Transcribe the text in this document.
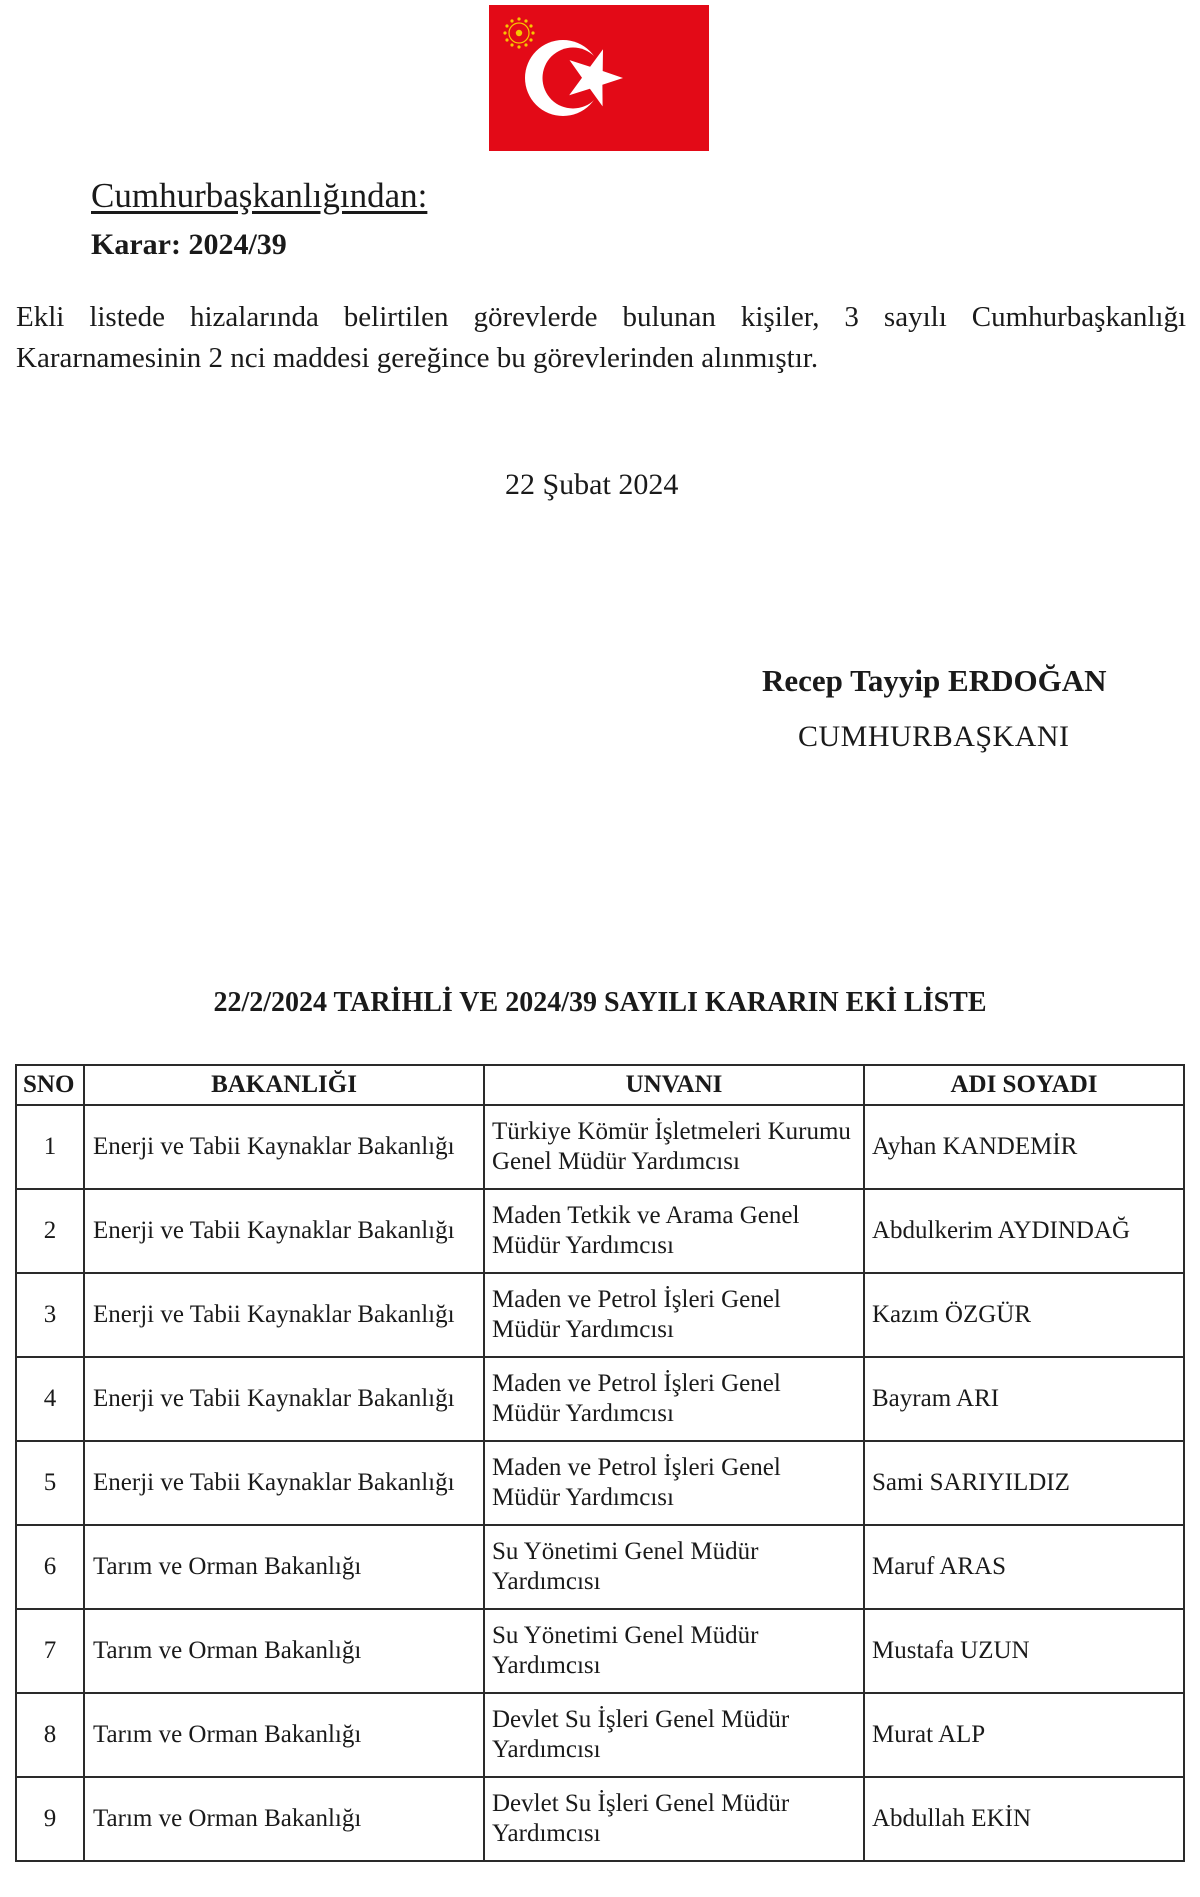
Cumhurbaşkanlığından:
Karar: 2024/39
Ekli listede hizalarında belirtilen görevlerde bulunan kişiler, 3 sayılı Cumhurbaşkanlığı Kararnamesinin 2 nci maddesi gereğince bu görevlerinden alınmıştır.
22 Şubat 2024
Recep Tayyip ERDOĞAN
CUMHURBAŞKANI
22/2/2024 TARİHLİ VE 2024/39 SAYILI KARARIN EKİ LİSTE
SNO	BAKANLIĞI	UNVANI	ADI SOYADI
1	Enerji ve Tabii Kaynaklar Bakanlığı	Türkiye Kömür İşletmeleri Kurumu Genel Müdür Yardımcısı	Ayhan KANDEMİR
2	Enerji ve Tabii Kaynaklar Bakanlığı	Maden Tetkik ve Arama Genel Müdür Yardımcısı	Abdulkerim AYDINDAĞ
3	Enerji ve Tabii Kaynaklar Bakanlığı	Maden ve Petrol İşleri Genel Müdür Yardımcısı	Kazım ÖZGÜR
4	Enerji ve Tabii Kaynaklar Bakanlığı	Maden ve Petrol İşleri Genel Müdür Yardımcısı	Bayram ARI
5	Enerji ve Tabii Kaynaklar Bakanlığı	Maden ve Petrol İşleri Genel Müdür Yardımcısı	Sami SARIYILDIZ
6	Tarım ve Orman Bakanlığı	Su Yönetimi Genel Müdür Yardımcısı	Maruf ARAS
7	Tarım ve Orman Bakanlığı	Su Yönetimi Genel Müdür Yardımcısı	Mustafa UZUN
8	Tarım ve Orman Bakanlığı	Devlet Su İşleri Genel Müdür Yardımcısı	Murat ALP
9	Tarım ve Orman Bakanlığı	Devlet Su İşleri Genel Müdür Yardımcısı	Abdullah EKİN
